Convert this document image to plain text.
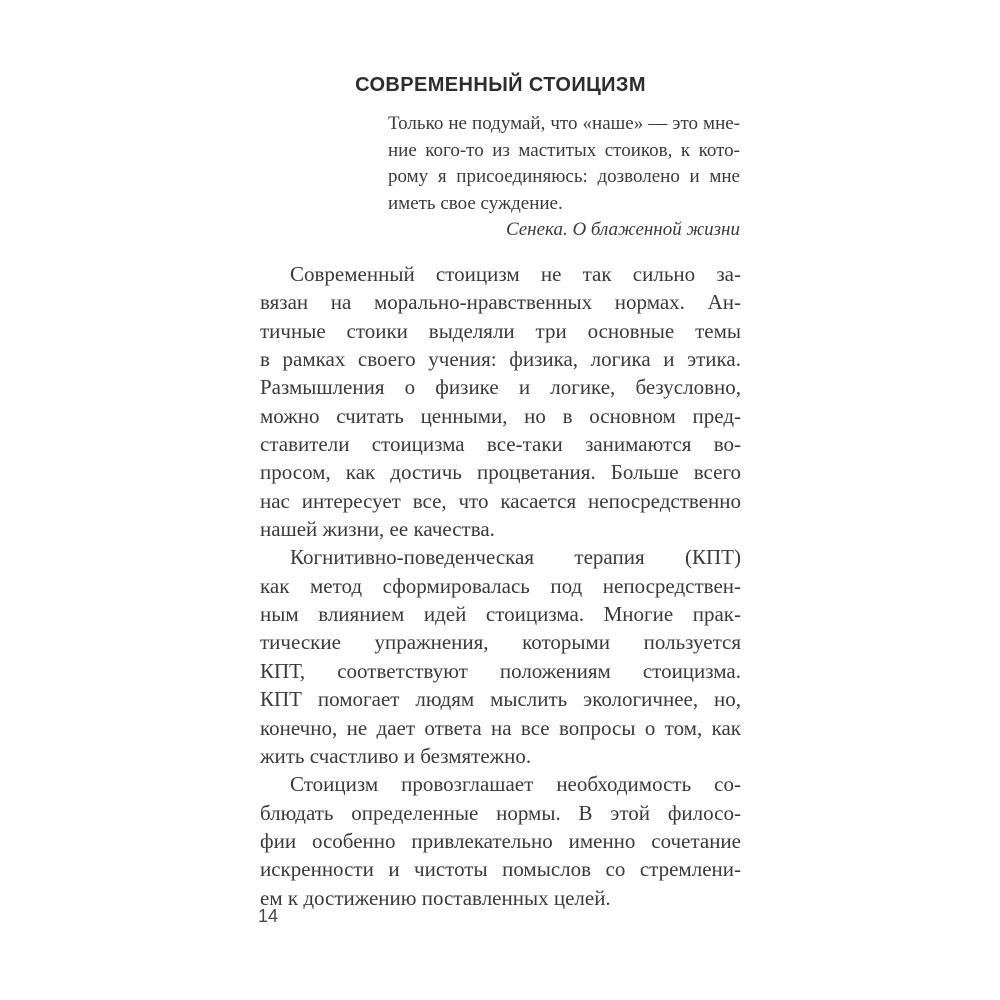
СОВРЕМЕННЫЙ СТОИЦИЗМ
Только не подумай, что «наше» — это мне-
ние кого-то из маститых стоиков, к кото-
рому я присоединяюсь: дозволено и мне
иметь свое суждение.
Сенека. О блаженной жизни
Современный стоицизм не так сильно за-
вязан на морально-нравственных нормах. Ан-
тичные стоики выделяли три основные темы
в рамках своего учения: физика, логика и этика.
Размышления о физике и логике, безусловно,
можно считать ценными, но в основном пред-
ставители стоицизма все-таки занимаются во-
просом, как достичь процветания. Больше всего
нас интересует все, что касается непосредственно
нашей жизни, ее качества.
Когнитивно-поведенческая терапия (КПТ)
как метод сформировалась под непосредствен-
ным влиянием идей стоицизма. Многие прак-
тические упражнения, которыми пользуется
КПТ, соответствуют положениям стоицизма.
КПТ помогает людям мыслить экологичнее, но,
конечно, не дает ответа на все вопросы о том, как
жить счастливо и безмятежно.
Стоицизм провозглашает необходимость со-
блюдать определенные нормы. В этой филосо-
фии особенно привлекательно именно сочетание
искренности и чистоты помыслов со стремлени-
ем к достижению поставленных целей.
14
